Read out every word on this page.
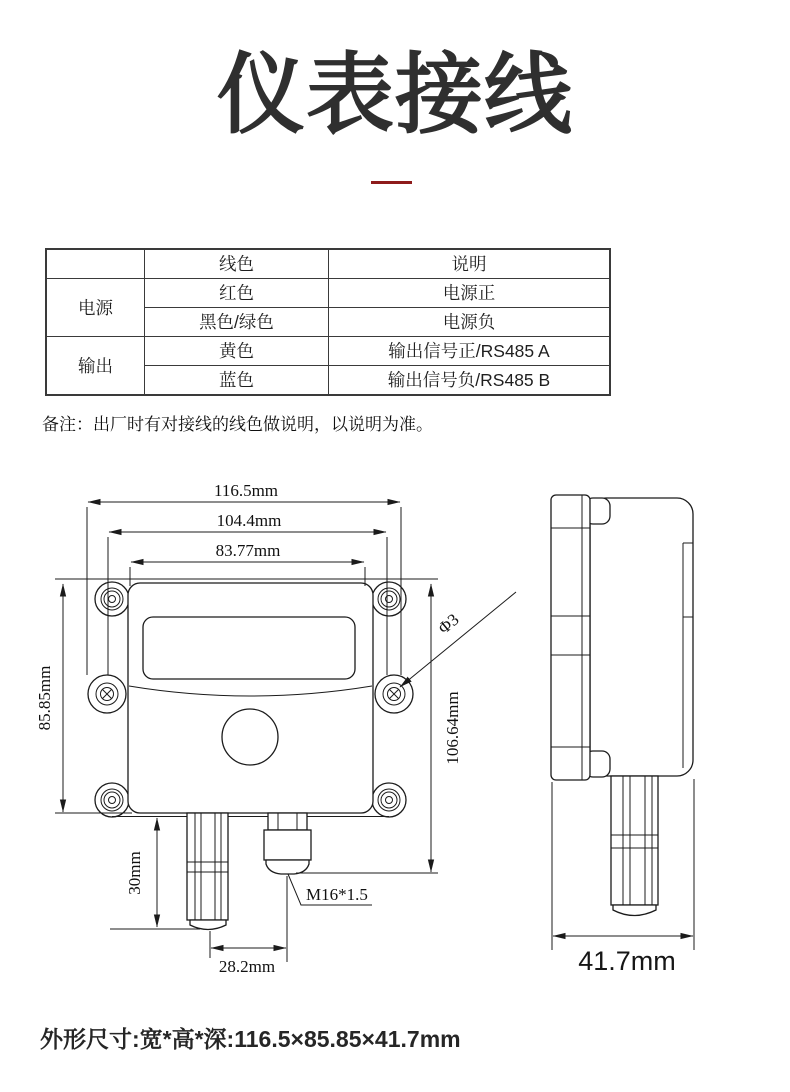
仪表接线
	线色	说明
电源	红色	电源正
	黑色/绿色	电源负
输出	黄色	输出信号正/RS485 A
	蓝色	输出信号负/RS485 B
备注：出厂时有对接线的线色做说明，以说明为准。
116.5mm
104.4mm
83.77mm
85.85mm	106.64mm
30mm
28.2mm
M16*1.5
Φ3
41.7mm
外形尺寸:宽*高*深:116.5×85.85×41.7mm
